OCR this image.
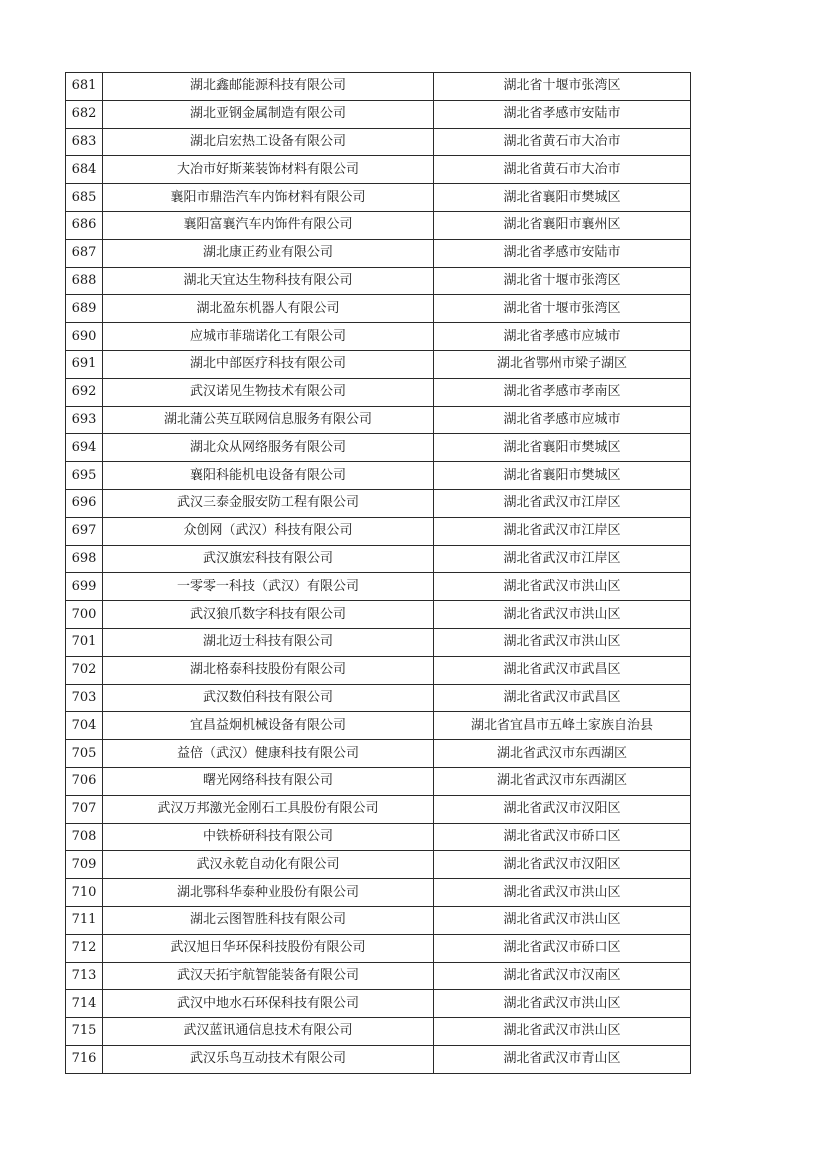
681	湖北鑫邮能源科技有限公司	湖北省十堰市张湾区
682	湖北亚钢金属制造有限公司	湖北省孝感市安陆市
683	湖北启宏热工设备有限公司	湖北省黄石市大冶市
684	大冶市好斯莱装饰材料有限公司	湖北省黄石市大冶市
685	襄阳市鼎浩汽车内饰材料有限公司	湖北省襄阳市樊城区
686	襄阳富襄汽车内饰件有限公司	湖北省襄阳市襄州区
687	湖北康正药业有限公司	湖北省孝感市安陆市
688	湖北天宜达生物科技有限公司	湖北省十堰市张湾区
689	湖北盈东机器人有限公司	湖北省十堰市张湾区
690	应城市菲瑞诺化工有限公司	湖北省孝感市应城市
691	湖北中部医疗科技有限公司	湖北省鄂州市梁子湖区
692	武汉诺见生物技术有限公司	湖北省孝感市孝南区
693	湖北蒲公英互联网信息服务有限公司	湖北省孝感市应城市
694	湖北众从网络服务有限公司	湖北省襄阳市樊城区
695	襄阳科能机电设备有限公司	湖北省襄阳市樊城区
696	武汉三泰金服安防工程有限公司	湖北省武汉市江岸区
697	众创网（武汉）科技有限公司	湖北省武汉市江岸区
698	武汉旗宏科技有限公司	湖北省武汉市江岸区
699	一零零一科技（武汉）有限公司	湖北省武汉市洪山区
700	武汉狼爪数字科技有限公司	湖北省武汉市洪山区
701	湖北迈士科技有限公司	湖北省武汉市洪山区
702	湖北格泰科技股份有限公司	湖北省武汉市武昌区
703	武汉数伯科技有限公司	湖北省武汉市武昌区
704	宜昌益炯机械设备有限公司	湖北省宜昌市五峰土家族自治县
705	益倍（武汉）健康科技有限公司	湖北省武汉市东西湖区
706	曙光网络科技有限公司	湖北省武汉市东西湖区
707	武汉万邦激光金刚石工具股份有限公司	湖北省武汉市汉阳区
708	中铁桥研科技有限公司	湖北省武汉市硚口区
709	武汉永乾自动化有限公司	湖北省武汉市汉阳区
710	湖北鄂科华泰种业股份有限公司	湖北省武汉市洪山区
711	湖北云图智胜科技有限公司	湖北省武汉市洪山区
712	武汉旭日华环保科技股份有限公司	湖北省武汉市硚口区
713	武汉天拓宇航智能装备有限公司	湖北省武汉市汉南区
714	武汉中地水石环保科技有限公司	湖北省武汉市洪山区
715	武汉蓝讯通信息技术有限公司	湖北省武汉市洪山区
716	武汉乐鸟互动技术有限公司	湖北省武汉市青山区
